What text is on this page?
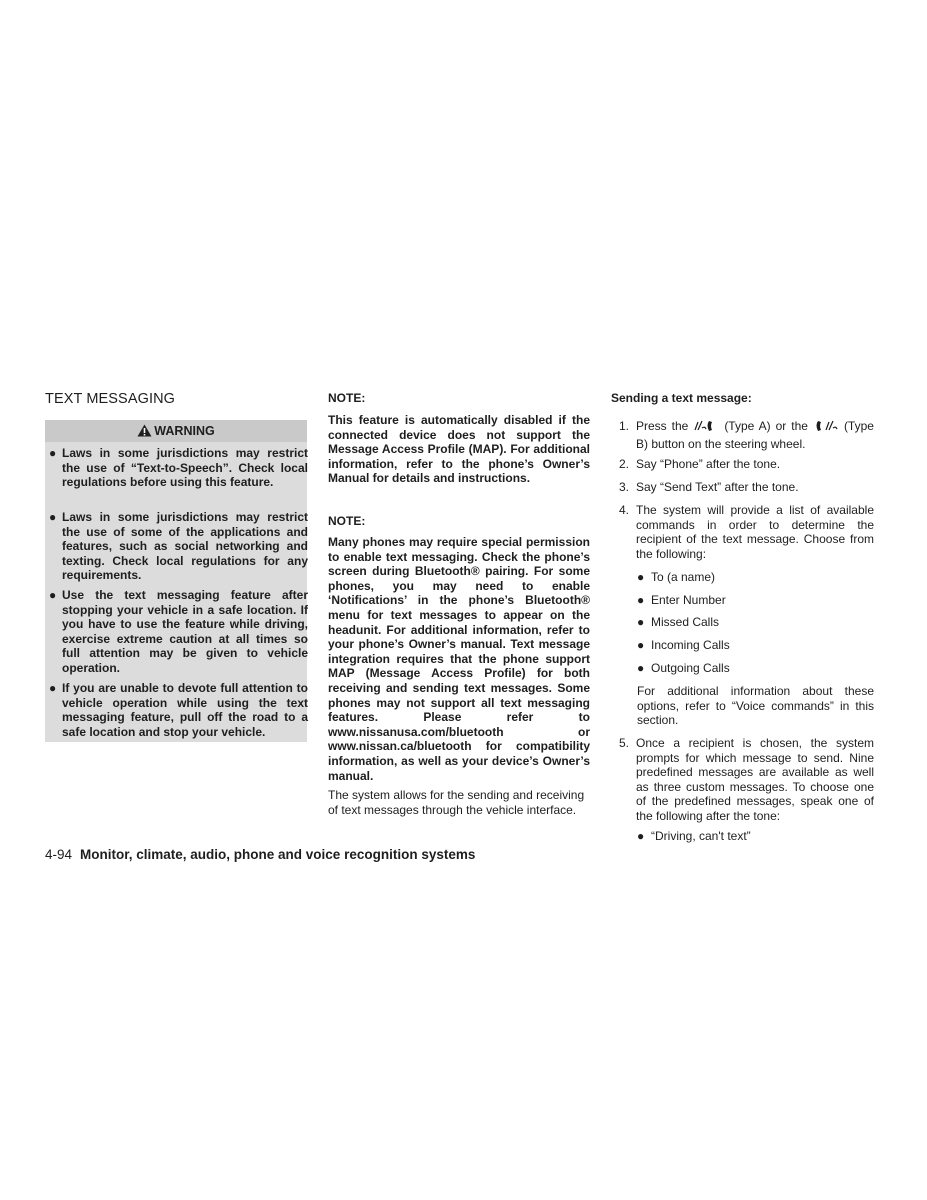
TEXT MESSAGING
WARNING
● Laws in some jurisdictions may restrict the use of “Text-to-Speech”. Check local regulations before using this feature.
● Laws in some jurisdictions may restrict the use of some of the applications and features, such as social networking and texting. Check local regulations for any requirements.
● Use the text messaging feature after stopping your vehicle in a safe location. If you have to use the feature while driving, exercise extreme caution at all times so full attention may be given to vehicle operation.
● If you are unable to devote full attention to vehicle operation while using the text messaging feature, pull off the road to a safe location and stop your vehicle.
NOTE:
This feature is automatically disabled if the connected device does not support the Message Access Profile (MAP). For additional information, refer to the phone’s Owner’s Manual for details and instructions.
NOTE:
Many phones may require special permission to enable text messaging. Check the phone’s screen during Bluetooth® pairing. For some phones, you may need to enable ‘Notifications’ in the phone’s Bluetooth® menu for text messages to appear on the headunit. For additional information, refer to your phone’s Owner’s manual. Text message integration requires that the phone support MAP (Message Access Profile) for both receiving and sending text messages. Some phones may not support all text messaging features. Please refer to www.nissanusa.com/bluetooth or www.nissan.ca/bluetooth for compatibility information, as well as your device’s Owner’s manual.
The system allows for the sending and receiving of text messages through the vehicle interface.
Sending a text message:
1. Press the	(Type A) or the	(Type B) button on the steering wheel.
2. Say “Phone” after the tone.
3. Say “Send Text” after the tone.
4. The system will provide a list of available commands in order to determine the recipient of the text message. Choose from the following:
● To (a name)
● Enter Number
● Missed Calls
● Incoming Calls
● Outgoing Calls
For additional information about these options, refer to “Voice commands” in this section.
5. Once a recipient is chosen, the system prompts for which message to send. Nine predefined messages are available as well as three custom messages. To choose one of the predefined messages, speak one of the following after the tone:
● “Driving, can't text”
4-94 Monitor, climate, audio, phone and voice recognition systems
